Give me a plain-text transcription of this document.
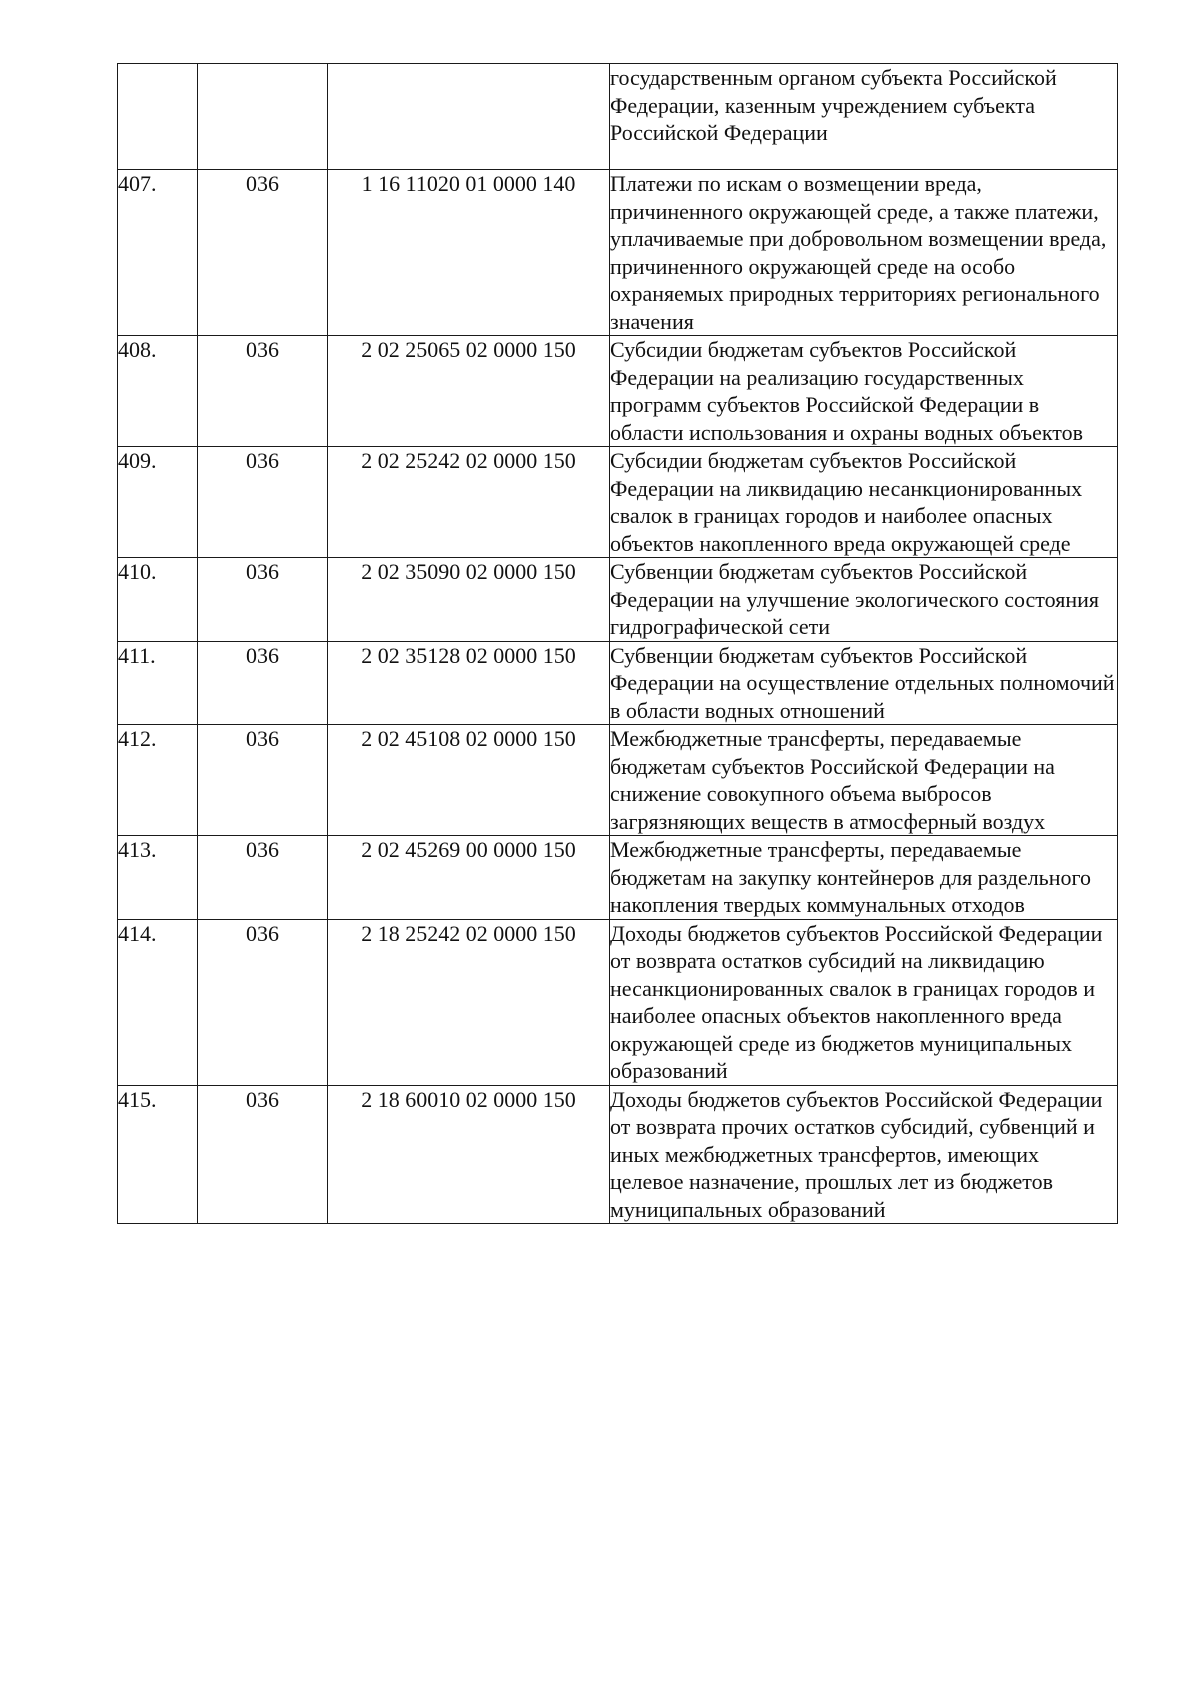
			государственным органом субъекта Российской Федерации, казенным учреждением субъекта Российской Федерации
407.	036	1 16 11020 01 0000 140	Платежи по искам о возмещении вреда, причиненного окружающей среде, а также платежи, уплачиваемые при добровольном возмещении вреда, причиненного окружающей среде на особо охраняемых природных территориях регионального значения
408.	036	2 02 25065 02 0000 150	Субсидии бюджетам субъектов Российской Федерации на реализацию государственных программ субъектов Российской Федерации в области использования и охраны водных объектов
409.	036	2 02 25242 02 0000 150	Субсидии бюджетам субъектов Российской Федерации на ликвидацию несанкционированных свалок в границах городов и наиболее опасных объектов накопленного вреда окружающей среде
410.	036	2 02 35090 02 0000 150	Субвенции бюджетам субъектов Российской Федерации на улучшение экологического состояния гидрографической сети
411.	036	2 02 35128 02 0000 150	Субвенции бюджетам субъектов Российской Федерации на осуществление отдельных полномочий в области водных отношений
412.	036	2 02 45108 02 0000 150	Межбюджетные трансферты, передаваемые бюджетам субъектов Российской Федерации на снижение совокупного объема выбросов загрязняющих веществ в атмосферный воздух
413.	036	2 02 45269 00 0000 150	Межбюджетные трансферты, передаваемые бюджетам на закупку контейнеров для раздельного накопления твердых коммунальных отходов
414.	036	2 18 25242 02 0000 150	Доходы бюджетов субъектов Российской Федерации от возврата остатков субсидий на ликвидацию несанкционированных свалок в границах городов и наиболее опасных объектов накопленного вреда окружающей среде из бюджетов муниципальных образований
415.	036	2 18 60010 02 0000 150	Доходы бюджетов субъектов Российской Федерации от возврата прочих остатков субсидий, субвенций и иных межбюджетных трансфертов, имеющих целевое назначение, прошлых лет из бюджетов муниципальных образований
